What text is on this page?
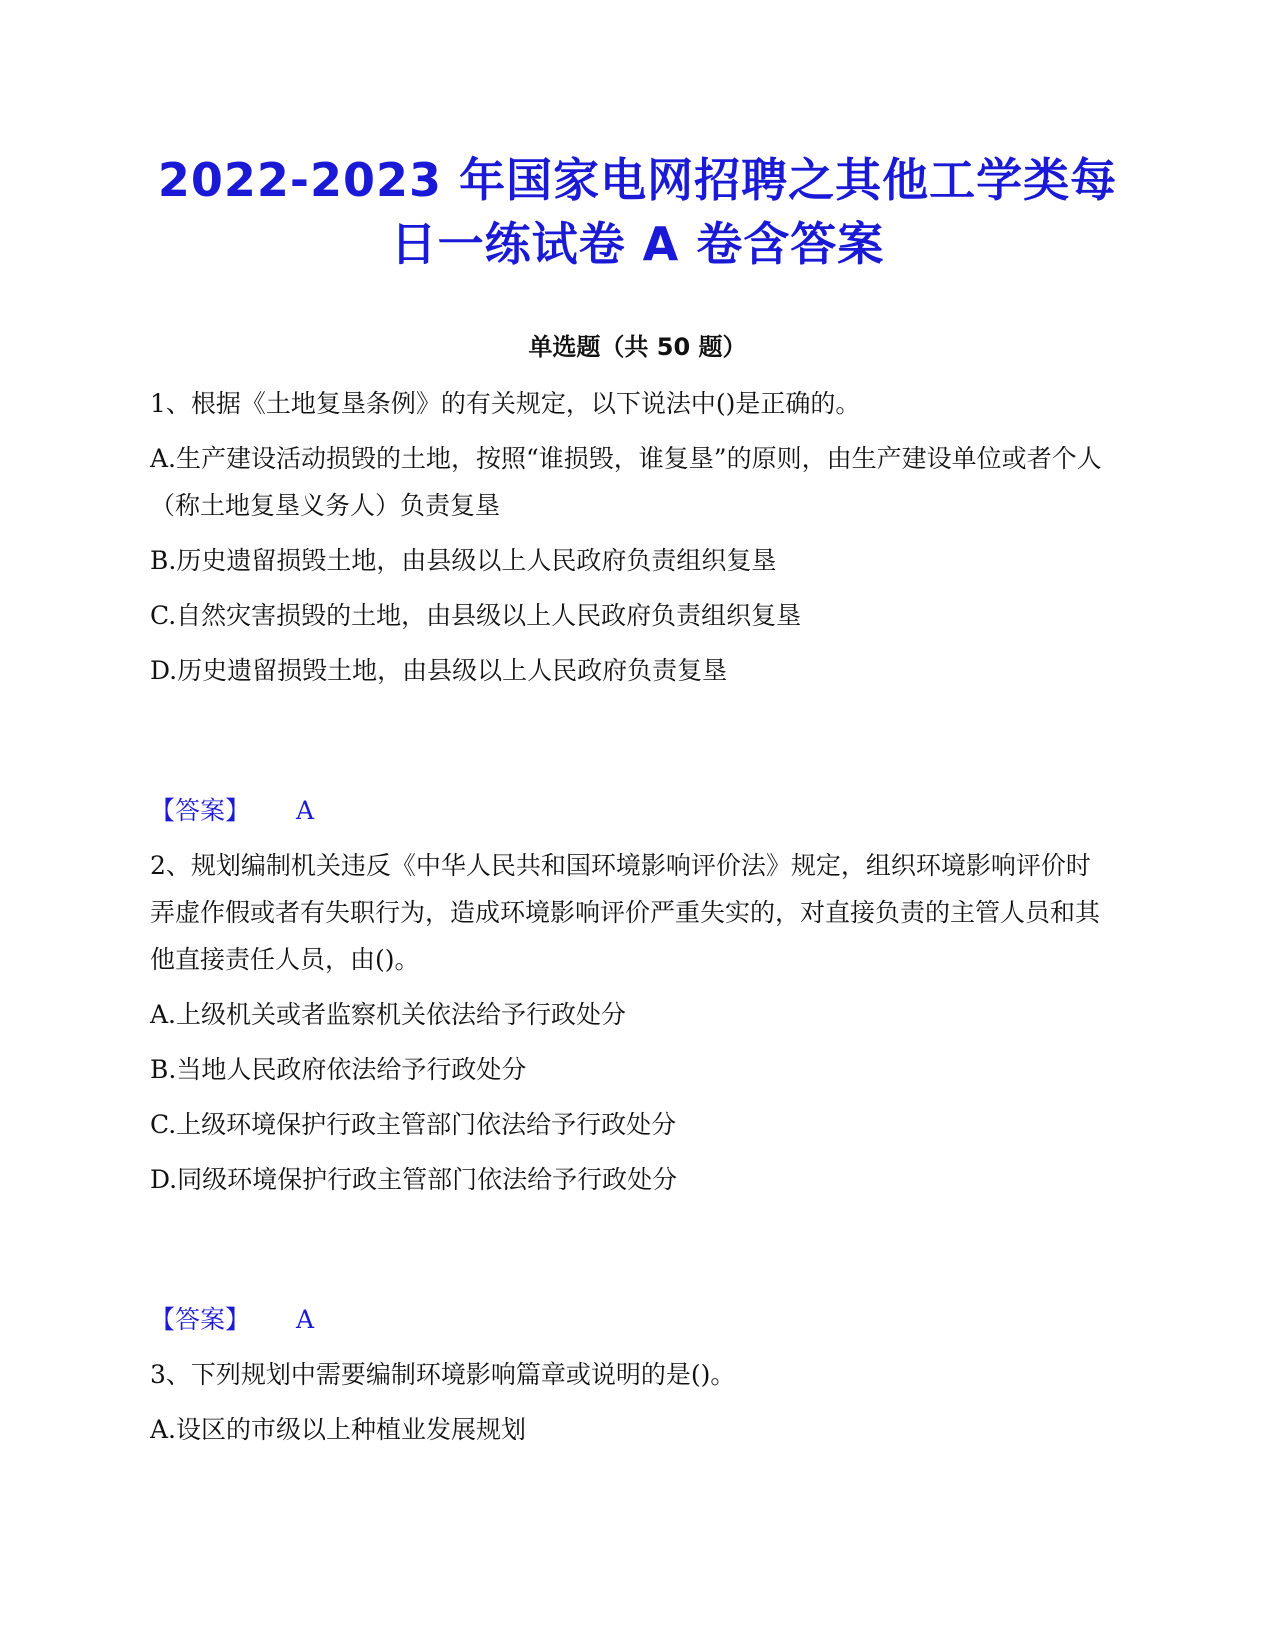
2022-2023 年国家电网招聘之其他工学类每
日一练试卷 A 卷含答案
单选题（共 50 题）

1、根据《土地复垦条例》的有关规定，以下说法中()是正确的。

A.生产建设活动损毁的土地，按照“谁损毁，谁复垦”的原则，由生产建设单位或者个人（称土地复垦义务人）负责复垦

B.历史遗留损毁土地，由县级以上人民政府负责组织复垦

C.自然灾害损毁的土地，由县级以上人民政府负责组织复垦

D.历史遗留损毁土地，由县级以上人民政府负责复垦

【答案】 A

2、规划编制机关违反《中华人民共和国环境影响评价法》规定，组织环境影响评价时弄虚作假或者有失职行为，造成环境影响评价严重失实的，对直接负责的主管人员和其他直接责任人员，由()。

A.上级机关或者监察机关依法给予行政处分

B.当地人民政府依法给予行政处分

C.上级环境保护行政主管部门依法给予行政处分

D.同级环境保护行政主管部门依法给予行政处分

【答案】 A

3、下列规划中需要编制环境影响篇章或说明的是()。

A.设区的市级以上种植业发展规划
